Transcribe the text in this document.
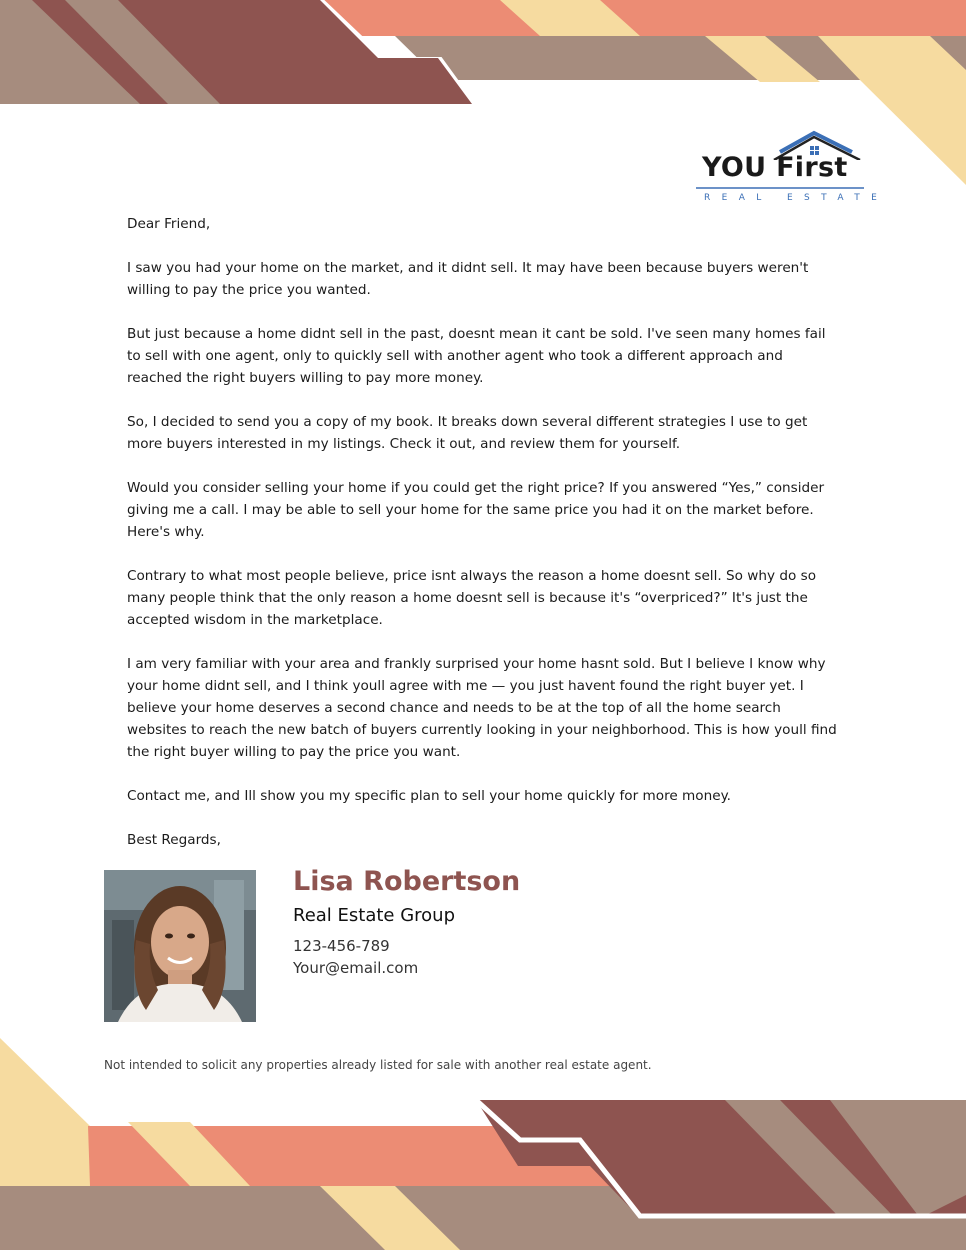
YOU First
REAL ESTATE

Dear Friend,

I saw you had your home on the market, and it didnt sell. It may have been because buyers weren't willing to pay the price you wanted.

But just because a home didnt sell in the past, doesnt mean it cant be sold. I've seen many homes fail to sell with one agent, only to quickly sell with another agent who took a different approach and reached the right buyers willing to pay more money.

So, I decided to send you a copy of my book. It breaks down several different strategies I use to get more buyers interested in my listings. Check it out, and review them for yourself.

Would you consider selling your home if you could get the right price? If you answered “Yes,” consider giving me a call. I may be able to sell your home for the same price you had it on the market before. Here's why.

Contrary to what most people believe, price isnt always the reason a home doesnt sell. So why do so many people think that the only reason a home doesnt sell is because it's “overpriced?” It's just the accepted wisdom in the marketplace.

I am very familiar with your area and frankly surprised your home hasnt sold. But I believe I know why your home didnt sell, and I think youll agree with me — you just havent found the right buyer yet. I believe your home deserves a second chance and needs to be at the top of all the home search websites to reach the new batch of buyers currently looking in your neighborhood. This is how youll find the right buyer willing to pay the price you want.

Contact me, and Ill show you my specific plan to sell your home quickly for more money.

Best Regards,

Lisa Robertson
Real Estate Group
123-456-789
Your@email.com
Not intended to solicit any properties already listed for sale with another real estate agent.
